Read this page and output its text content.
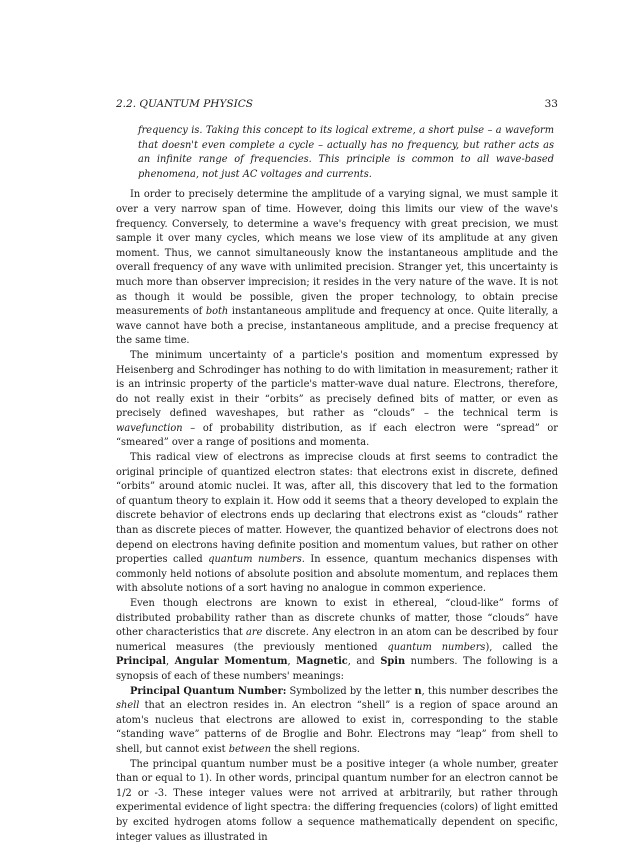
2.2. QUANTUM PHYSICS	33
frequency is. Taking this concept to its logical extreme, a short pulse – a waveform that doesn't even complete a cycle – actually has no frequency, but rather acts as an infinite range of frequencies. This principle is common to all wave-based phenomena, not just AC voltages and currents.

In order to precisely determine the amplitude of a varying signal, we must sample it over a very narrow span of time. However, doing this limits our view of the wave's frequency. Conversely, to determine a wave's frequency with great precision, we must sample it over many cycles, which means we lose view of its amplitude at any given moment. Thus, we cannot simultaneously know the instantaneous amplitude and the overall frequency of any wave with unlimited precision. Stranger yet, this uncertainty is much more than observer imprecision; it resides in the very nature of the wave. It is not as though it would be possible, given the proper technology, to obtain precise measurements of both instantaneous amplitude and frequency at once. Quite literally, a wave cannot have both a precise, instantaneous amplitude, and a precise frequency at the same time.

The minimum uncertainty of a particle's position and momentum expressed by Heisenberg and Schrodinger has nothing to do with limitation in measurement; rather it is an intrinsic property of the particle's matter-wave dual nature. Electrons, therefore, do not really exist in their “orbits” as precisely defined bits of matter, or even as precisely defined waveshapes, but rather as “clouds” – the technical term is wavefunction – of probability distribution, as if each electron were “spread” or “smeared” over a range of positions and momenta.

This radical view of electrons as imprecise clouds at first seems to contradict the original principle of quantized electron states: that electrons exist in discrete, defined “orbits” around atomic nuclei. It was, after all, this discovery that led to the formation of quantum theory to explain it. How odd it seems that a theory developed to explain the discrete behavior of electrons ends up declaring that electrons exist as “clouds” rather than as discrete pieces of matter. However, the quantized behavior of electrons does not depend on electrons having definite position and momentum values, but rather on other properties called quantum numbers. In essence, quantum mechanics dispenses with commonly held notions of absolute position and absolute momentum, and replaces them with absolute notions of a sort having no analogue in common experience.

Even though electrons are known to exist in ethereal, “cloud-like” forms of distributed probability rather than as discrete chunks of matter, those “clouds” have other characteristics that are discrete. Any electron in an atom can be described by four numerical measures (the previously mentioned quantum numbers), called the Principal, Angular Momentum, Magnetic, and Spin numbers. The following is a synopsis of each of these numbers' meanings:

Principal Quantum Number: Symbolized by the letter n, this number describes the shell that an electron resides in. An electron “shell” is a region of space around an atom's nucleus that electrons are allowed to exist in, corresponding to the stable “standing wave” patterns of de Broglie and Bohr. Electrons may “leap” from shell to shell, but cannot exist between the shell regions.

The principal quantum number must be a positive integer (a whole number, greater than or equal to 1). In other words, principal quantum number for an electron cannot be 1/2 or -3. These integer values were not arrived at arbitrarily, but rather through experimental evidence of light spectra: the differing frequencies (colors) of light emitted by excited hydrogen atoms follow a sequence mathematically dependent on specific, integer values as illustrated in
